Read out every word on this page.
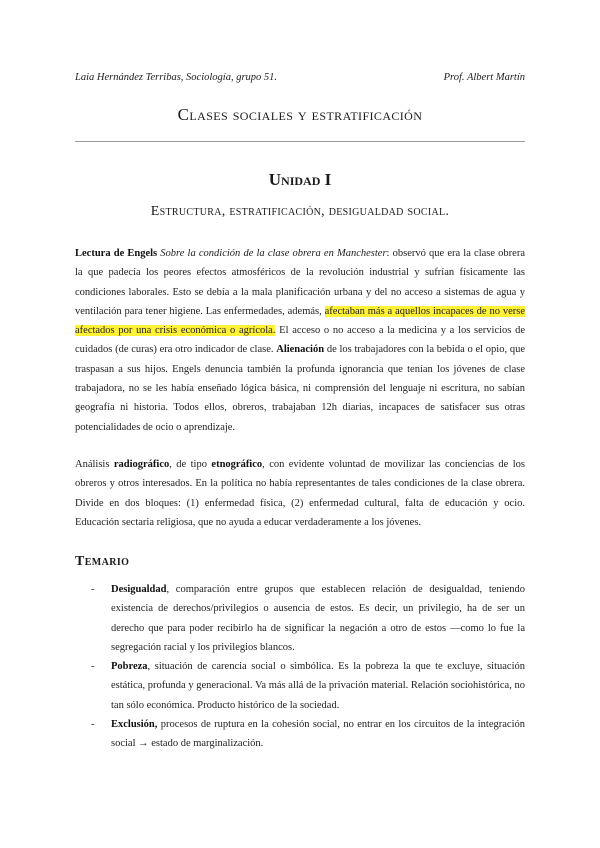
Laia Hernández Terribas, Sociología, grupo 51.	Prof. Albert Martín
Clases sociales y estratificación
Unidad I
Estructura, estratificación, desigualdad social.

Lectura de Engels Sobre la condición de la clase obrera en Manchester: observó que era la clase obrera la que padecía los peores efectos atmosféricos de la revolución industrial y sufrían físicamente las condiciones laborales. Esto se debía a la mala planificación urbana y del no acceso a sistemas de agua y ventilación para tener higiene. Las enfermedades, además, afectaban más a aquellos incapaces de no verse afectados por una crisis económica o agrícola. El acceso o no acceso a la medicina y a los servicios de cuidados (de curas) era otro indicador de clase. Alienación de los trabajadores con la bebida o el opio, que traspasan a sus hijos. Engels denuncia también la profunda ignorancia que tenían los jóvenes de clase trabajadora, no se les había enseñado lógica básica, ni comprensión del lenguaje ni escritura, no sabían geografía ni historia. Todos ellos, obreros, trabajaban 12h diarias, incapaces de satisfacer sus otras potencialidades de ocio o aprendizaje.

Análisis radiográfico, de tipo etnográfico, con evidente voluntad de movilizar las conciencias de los obreros y otros interesados. En la política no había representantes de tales condiciones de la clase obrera. Divide en dos bloques: (1) enfermedad física, (2) enfermedad cultural, falta de educación y ocio. Educación sectaria religiosa, que no ayuda a educar verdaderamente a los jóvenes.

Temario
- Desigualdad, comparación entre grupos que establecen relación de desigualdad, teniendo existencia de derechos/privilegios o ausencia de estos. Es decir, un privilegio, ha de ser un derecho que para poder recibirlo ha de significar la negación a otro de estos —como lo fue la segregación racial y los privilegios blancos.
- Pobreza, situación de carencia social o simbólica. Es la pobreza la que te excluye, situación estática, profunda y generacional. Va más allá de la privación material. Relación sociohistórica, no tan sólo económica. Producto histórico de la sociedad.
- Exclusión, procesos de ruptura en la cohesión social, no entrar en los circuitos de la integración social → estado de marginalización.
